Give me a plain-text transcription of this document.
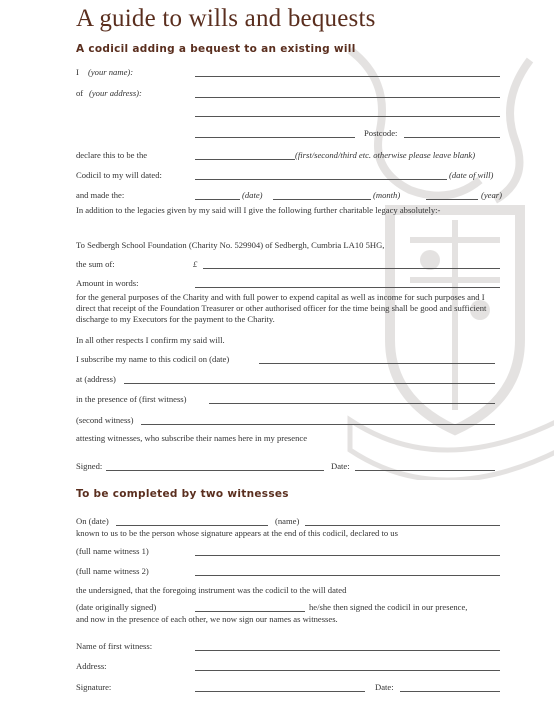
A guide to wills and bequests
A codicil adding a bequest to an existing will
I (your name):
of (your address):
Postcode:
declare this to be the	(first/second/third etc. otherwise please leave blank)
Codicil to my will dated:	(date of will)
and made the:	(date)	(month)	(year)
In addition to the legacies given by my said will I give the following further charitable legacy absolutely:-
To Sedbergh School Foundation (Charity No. 529904) of Sedbergh, Cumbria LA10 5HG,
the sum of:	£
Amount in words:
for the general purposes of the Charity and with full power to expend capital as well as income for such purposes and I direct that receipt of the Foundation Treasurer or other authorised officer for the time being shall be good and sufficient discharge to my Executors for the payment to the Charity.
In all other respects I confirm my said will.
I subscribe my name to this codicil on (date)
at (address)
in the presence of (first witness)
(second witness)
attesting witnesses, who subscribe their names here in my presence
Signed:	Date:
To be completed by two witnesses
On (date)	(name)
known to us to be the person whose signature appears at the end of this codicil, declared to us
(full name witness 1)
(full name witness 2)
the undersigned, that the foregoing instrument was the codicil to the will dated
(date originally signed)	he/she then signed the codicil in our presence,
and now in the presence of each other, we now sign our names as witnesses.
Name of first witness:
Address:
Signature:	Date:
